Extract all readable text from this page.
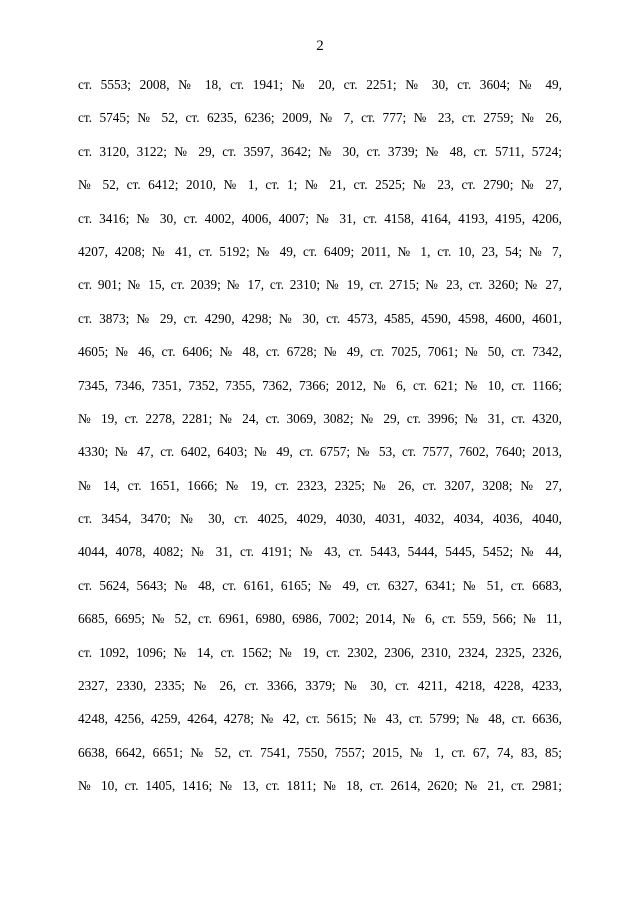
2
ст. 5553; 2008, № 18, ст. 1941; № 20, ст. 2251; № 30, ст. 3604; № 49,
ст. 5745; № 52, ст. 6235, 6236; 2009, № 7, ст. 777; № 23, ст. 2759; № 26,
ст. 3120, 3122; № 29, ст. 3597, 3642; № 30, ст. 3739; № 48, ст. 5711, 5724;
№ 52, ст. 6412; 2010, № 1, ст. 1; № 21, ст. 2525; № 23, ст. 2790; № 27,
ст. 3416; № 30, ст. 4002, 4006, 4007; № 31, ст. 4158, 4164, 4193, 4195, 4206,
4207, 4208; № 41, ст. 5192; № 49, ст. 6409; 2011, № 1, ст. 10, 23, 54; № 7,
ст. 901; № 15, ст. 2039; № 17, ст. 2310; № 19, ст. 2715; № 23, ст. 3260; № 27,
ст. 3873; № 29, ст. 4290, 4298; № 30, ст. 4573, 4585, 4590, 4598, 4600, 4601,
4605; № 46, ст. 6406; № 48, ст. 6728; № 49, ст. 7025, 7061; № 50, ст. 7342,
7345, 7346, 7351, 7352, 7355, 7362, 7366; 2012, № 6, ст. 621; № 10, ст. 1166;
№ 19, ст. 2278, 2281; № 24, ст. 3069, 3082; № 29, ст. 3996; № 31, ст. 4320,
4330; № 47, ст. 6402, 6403; № 49, ст. 6757; № 53, ст. 7577, 7602, 7640; 2013,
№ 14, ст. 1651, 1666; № 19, ст. 2323, 2325; № 26, ст. 3207, 3208; № 27,
ст. 3454, 3470; № 30, ст. 4025, 4029, 4030, 4031, 4032, 4034, 4036, 4040,
4044, 4078, 4082; № 31, ст. 4191; № 43, ст. 5443, 5444, 5445, 5452; № 44,
ст. 5624, 5643; № 48, ст. 6161, 6165; № 49, ст. 6327, 6341; № 51, ст. 6683,
6685, 6695; № 52, ст. 6961, 6980, 6986, 7002; 2014, № 6, ст. 559, 566; № 11,
ст. 1092, 1096; № 14, ст. 1562; № 19, ст. 2302, 2306, 2310, 2324, 2325, 2326,
2327, 2330, 2335; № 26, ст. 3366, 3379; № 30, ст. 4211, 4218, 4228, 4233,
4248, 4256, 4259, 4264, 4278; № 42, ст. 5615; № 43, ст. 5799; № 48, ст. 6636,
6638, 6642, 6651; № 52, ст. 7541, 7550, 7557; 2015, № 1, ст. 67, 74, 83, 85;
№ 10, ст. 1405, 1416; № 13, ст. 1811; № 18, ст. 2614, 2620; № 21, ст. 2981;
